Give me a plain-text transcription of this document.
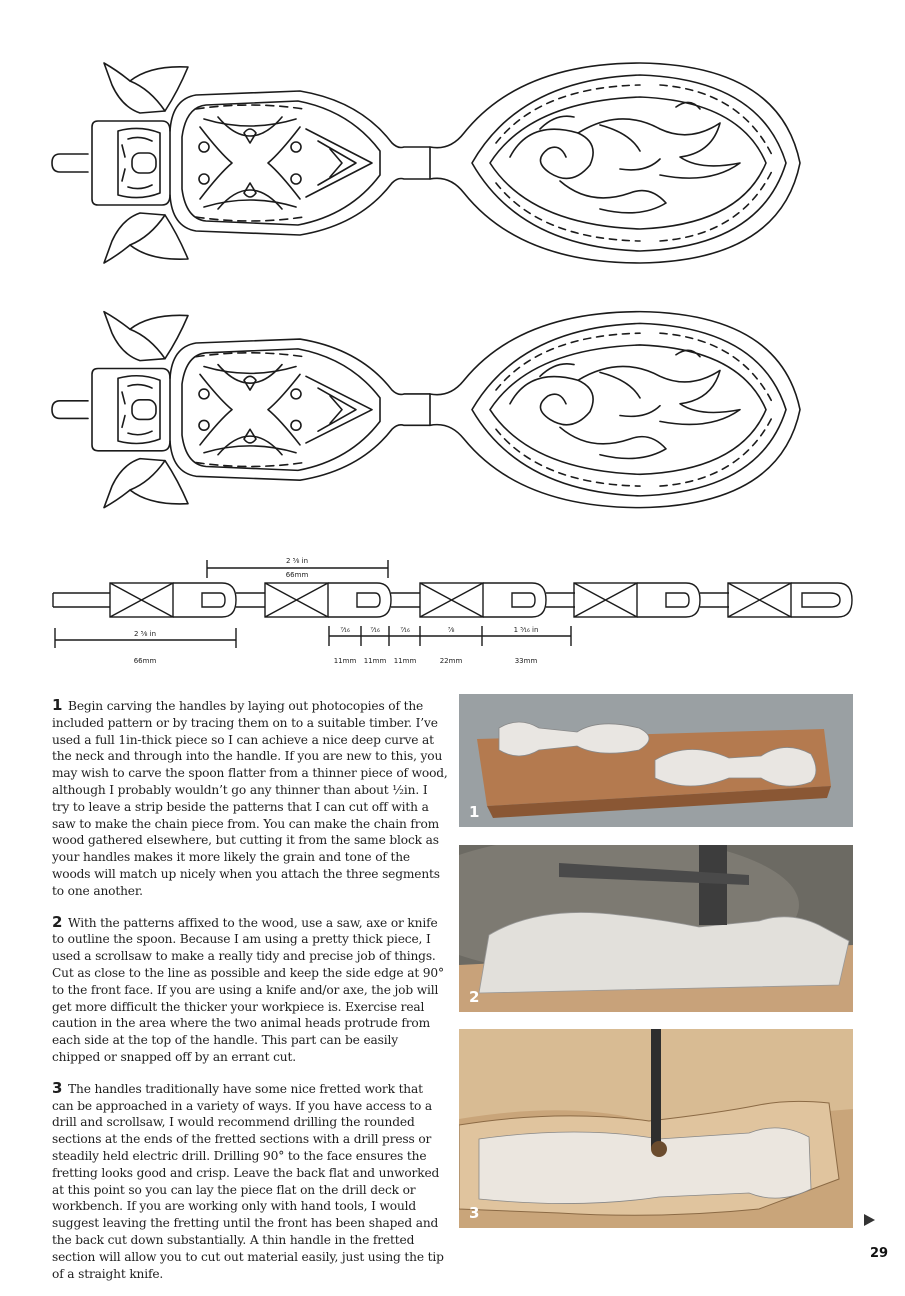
2 ⁵⁄₈ in
66mm
2 ⁵⁄₈ in
66mm
⁷⁄₁₆
11mm
⁷⁄₁₆
11mm
⁷⁄₁₆
11mm
⁷⁄₈
22mm
1 ⁵⁄₁₆ in
33mm

1 Begin carving the handles by laying out photocopies of the included pattern or by tracing them on to a suitable timber. I’ve used a full 1in-thick piece so I can achieve a nice deep curve at the neck and through into the handle. If you are new to this, you may wish to carve the spoon flatter from a thinner piece of wood, although I probably wouldn’t go any thinner than about ½in. I try to leave a strip beside the patterns that I can cut off with a saw to make the chain piece from. You can make the chain from wood gathered elsewhere, but cutting it from the same block as your handles makes it more likely the grain and tone of the woods will match up nicely when you attach the three segments to one another.

2 With the patterns affixed to the wood, use a saw, axe or knife to outline the spoon. Because I am using a pretty thick piece, I used a scrollsaw to make a really tidy and precise job of things. Cut as close to the line as possible and keep the side edge at 90° to the front face. If you are using a knife and/or axe, the job will get more difficult the thicker your workpiece is. Exercise real caution in the area where the two animal heads protrude from each side at the top of the handle. This part can be easily chipped or snapped off by an errant cut.

3 The handles traditionally have some nice fretted work that can be approached in a variety of ways. If you have access to a drill and scrollsaw, I would recommend drilling the rounded sections at the ends of the fretted sections with a drill press or steadily held electric drill. Drilling 90° to the face ensures the fretting looks good and crisp. Leave the back flat and unworked at this point so you can lay the piece flat on the drill deck or workbench. If you are working only with hand tools, I would suggest leaving the fretting until the front has been shaped and the back cut down substantially. A thin handle in the fretted section will allow you to cut out material easily, just using the tip of a straight knife.

1
2
3
29
